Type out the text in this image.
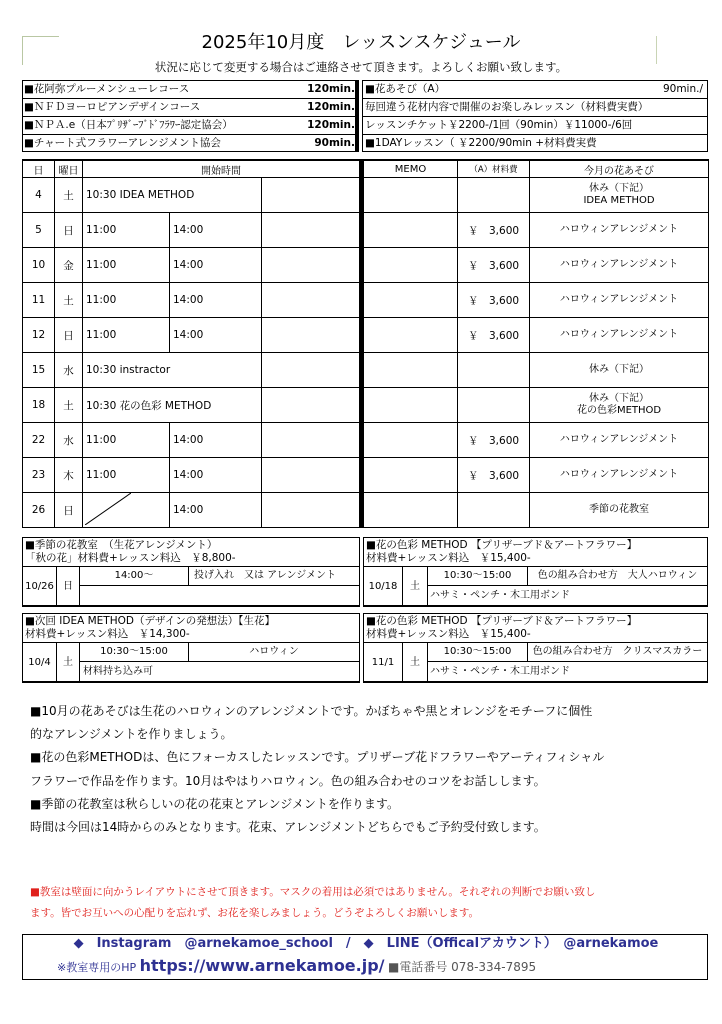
2025年10月度　レッスンスケジュール
状況に応じて変更する場合はご連絡させて頂きます。よろしくお願い致します。
■花阿弥プルーメンシューレコース	120min.
■ＮＦＤヨーロピアンデザインコース	120min.
■ＮＰＡ.e（日本ﾌﾟﾘｻﾞｰﾌﾞﾄﾞﾌﾗﾜｰ認定協会）	120min.
■チャート式フラワーアレンジメント協会	90min.
■花あそび（A）	90min./
毎回違う花材内容で開催のお楽しみレッスン（材料費実費）
レッスンチケット￥2200-/1回（90min）￥11000-/6回
■1DAYレッスン（ ￥2200/90min +材料費実費
日	曜日	開始時間				MEMO	（A）材料費	今月の花あそび
4	土	10:30 IDEA METHOD						休み（下記）
IDEA METHOD

5	日	11:00	14:00				￥　3,600	ハロウィンアレンジメント

10	金	11:00	14:00				￥　3,600	ハロウィンアレンジメント

11	土	11:00	14:00				￥　3,600	ハロウィンアレンジメント

12	日	11:00	14:00				￥　3,600	ハロウィンアレンジメント

15	水	10:30 instractor						休み（下記）

18	土	10:30 花の色彩 METHOD						休み（下記）
花の色彩METHOD

22	水	11:00	14:00				￥　3,600	ハロウィンアレンジメント

23	木	11:00	14:00				￥　3,600	ハロウィンアレンジメント

26	日		14:00					季節の花教室
■季節の花教室　（生花アレンジメント）
「秋の花」材料費+レッスン料込　￥8,800-
10/26 日
14:00～	投げ入れ　又は アレンジメント
■花の色彩 METHOD 【プリザーブド＆アートフラワー】
材料費+レッスン料込　￥15,400-
10/18	土
10:30～15:00	色の組み合わせ方　大人ハロウィン
ハサミ・ペンチ・木工用ボンド
■次回 IDEA METHOD（デザインの発想法）【生花】
材料費+レッスン料込　￥14,300-
10/4	土
10:30～15:00	ハロウィン
材料持ち込み可
■花の色彩 METHOD 【プリザーブド＆アートフラワー】
材料費+レッスン料込　￥15,400-
11/1	土
10:30～15:00	色の組み合わせ方　クリスマスカラー
ハサミ・ペンチ・木工用ボンド
■10月の花あそびは生花のハロウィンのアレンジメントです。かぼちゃや黒とオレンジをモチーフに個性
的なアレンジメントを作りましょう。
■花の色彩METHODは、色にフォーカスしたレッスンです。プリザーブ花ドフラワーやアーティフィシャル
フラワーで作品を作ります。10月はやはりハロウィン。色の組み合わせのコツをお話しします。
■季節の花教室は秋らしいの花の花束とアレンジメントを作ります。
時間は今回は14時からのみとなります。花束、アレンジメントどちらでもご予約受付致します。
■教室は壁面に向かうレイアウトにさせて頂きます。マスクの着用は必須ではありません。それぞれの判断でお願い致し
ます。皆でお互いへの心配りを忘れず、お花を楽しみましょう。どうぞよろしくお願いします。
◆　Instagram　@arnekamoe_school　/　◆　LINE（Officalアカウント）　@arnekamoe
※教室専用のHP https://www.arnekamoe.jp/ ■電話番号 078-334-7895
